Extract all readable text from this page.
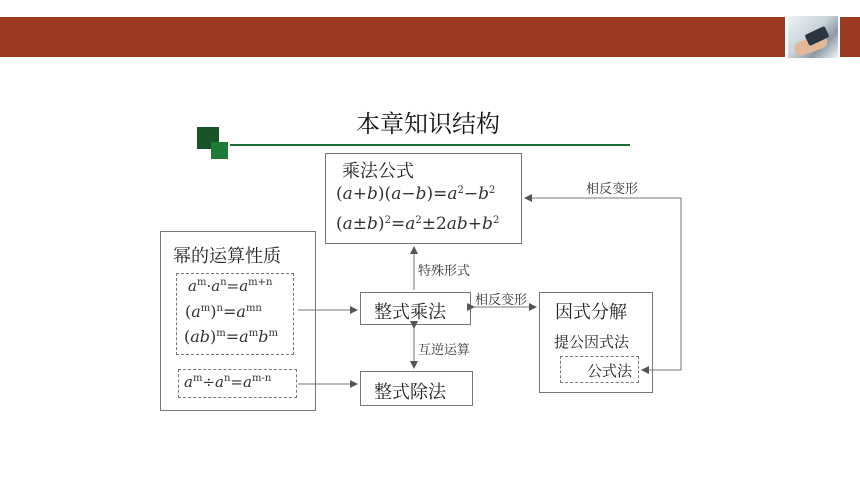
本章知识结构
乘法公式
$(a+b)(a-b)=a^2-b^2$
$(a\pm b)^2=a^2\pm 2ab+b^2$
幂的运算性质
$a^m\cdot a^n=a^{m+n}$
$(a^m)^n=a^{mn}$
$(ab)^m=a^mb^m$
$a^m\div a^n=a^{m-n}$
整式乘法
整式除法
因式分解
提公因式法
公式法
特殊形式
相反变形
相反变形
互逆运算
